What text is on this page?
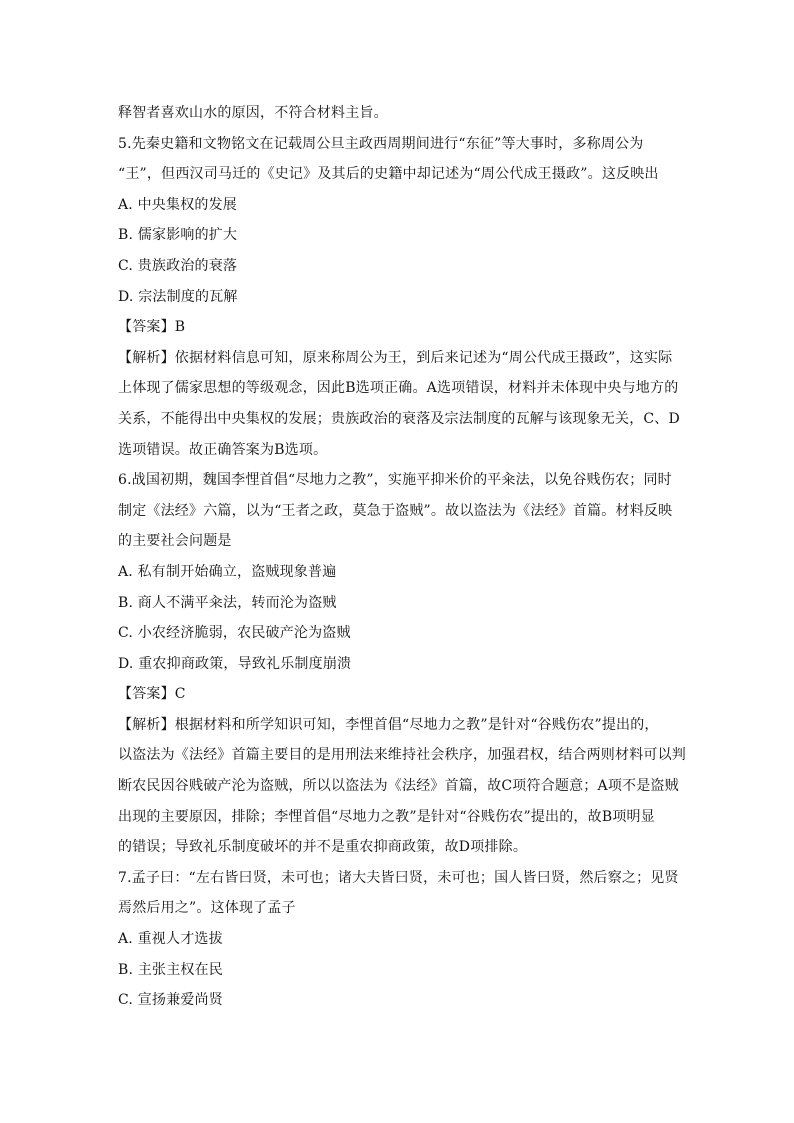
释智者喜欢山水的原因，不符合材料主旨。
5.先秦史籍和文物铭文在记载周公旦主政西周期间进行“东征”等大事时，多称周公为
“王”，但西汉司马迁的《史记》及其后的史籍中却记述为“周公代成王摄政”。这反映出
A. 中央集权的发展
B. 儒家影响的扩大
C. 贵族政治的衰落
D. 宗法制度的瓦解
【答案】B
【解析】依据材料信息可知，原来称周公为王，到后来记述为“周公代成王摄政”，这实际
上体现了儒家思想的等级观念，因此B选项正确。A选项错误，材料并未体现中央与地方的
关系，不能得出中央集权的发展；贵族政治的衰落及宗法制度的瓦解与该现象无关，C、D
选项错误。故正确答案为B选项。
6.战国初期，魏国李悝首倡“尽地力之教”，实施平抑米价的平籴法，以免谷贱伤农；同时
制定《法经》六篇，以为“王者之政，莫急于盗贼”。故以盗法为《法经》首篇。材料反映
的主要社会问题是
A. 私有制开始确立，盗贼现象普遍
B. 商人不满平籴法，转而沦为盗贼
C. 小农经济脆弱，农民破产沦为盗贼
D. 重农抑商政策，导致礼乐制度崩溃
【答案】C
【解析】根据材料和所学知识可知，李悝首倡“尽地力之教”是针对“谷贱伤农”提出的，
以盗法为《法经》首篇主要目的是用刑法来维持社会秩序，加强君权，结合两则材料可以判
断农民因谷贱破产沦为盗贼，所以以盗法为《法经》首篇，故C项符合题意；A项不是盗贼
出现的主要原因，排除；李悝首倡“尽地力之教”是针对“谷贱伤农”提出的，故B项明显
的错误；导致礼乐制度破坏的并不是重农抑商政策，故D项排除。
7.孟子曰：“左右皆曰贤，未可也；诸大夫皆曰贤，未可也；国人皆曰贤，然后察之；见贤
焉然后用之”。这体现了孟子
A. 重视人才选拔
B. 主张主权在民
C. 宣扬兼爱尚贤
